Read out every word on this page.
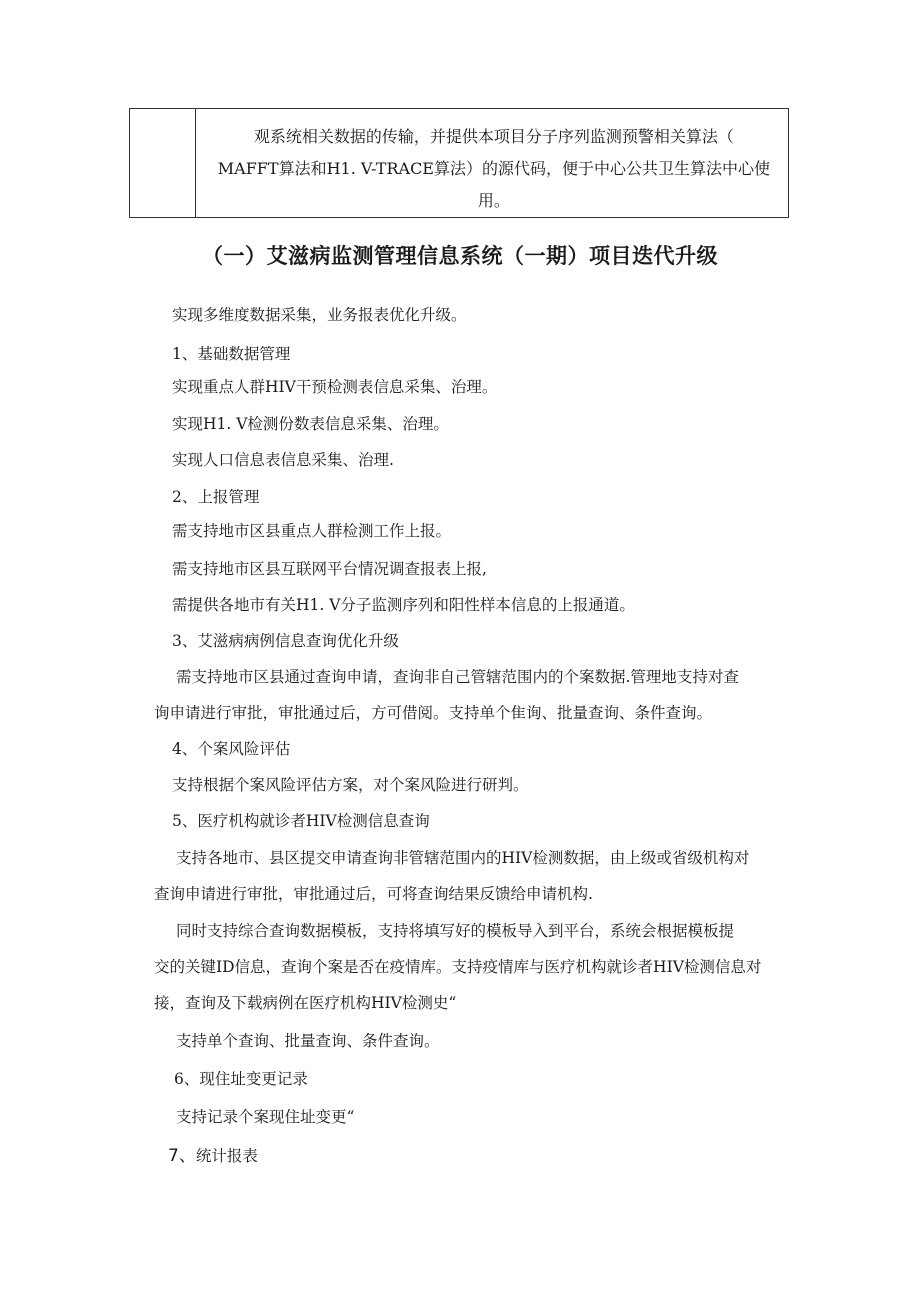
观系统相关数据的传输，并提供本项目分子序列监测预警相关算法（
MAFFT算法和H1. V-TRACE算法）的源代码，便于中心公共卫生算法中心使
用。
（一）艾滋病监测管理信息系统（一期）项目迭代升级
实现多维度数据采集，业务报表优化升级。
1、基础数据管理
实现重点人群HIV干预检测表信息采集、治理。
实现H1. V检测份数表信息采集、治理。
实现人口信息表信息采集、治理.
2、上报管理
需支持地市区县重点人群检测工作上报。
需支持地市区县互联网平台情况调查报表上报,
需提供各地市有关H1. V分子监测序列和阳性样本信息的上报通道。
3、艾滋病病例信息查询优化升级
需支持地市区县通过查询申请，查询非自己管辖范围内的个案数据.管理地支持对查
询申请进行审批，审批通过后，方可借阅。支持单个隹询、批量查询、条件查询。
4、个案风险评估
支持根据个案风险评估方案，对个案风险进行研判。
5、医疗机构就诊者HIV检测信息查询
支持各地市、县区提交申请查询非管辖范围内的HIV检测数据，由上级或省级机构对
查询申请进行审批，审批通过后，可将查询结果反馈给申请机构.
同时支持综合查询数据模板，支持将填写好的模板导入到平台，系统会根据模板提
交的关键ID信息，查询个案是否在疫情库。支持疫情库与医疗机构就诊者HIV检测信息对
接，查询及下载病例在医疗机构HIV检测史“
支持单个查询、批量查询、条件查询。
6、现住址变更记录
支持记录个案现住址变更“
7、统计报表
